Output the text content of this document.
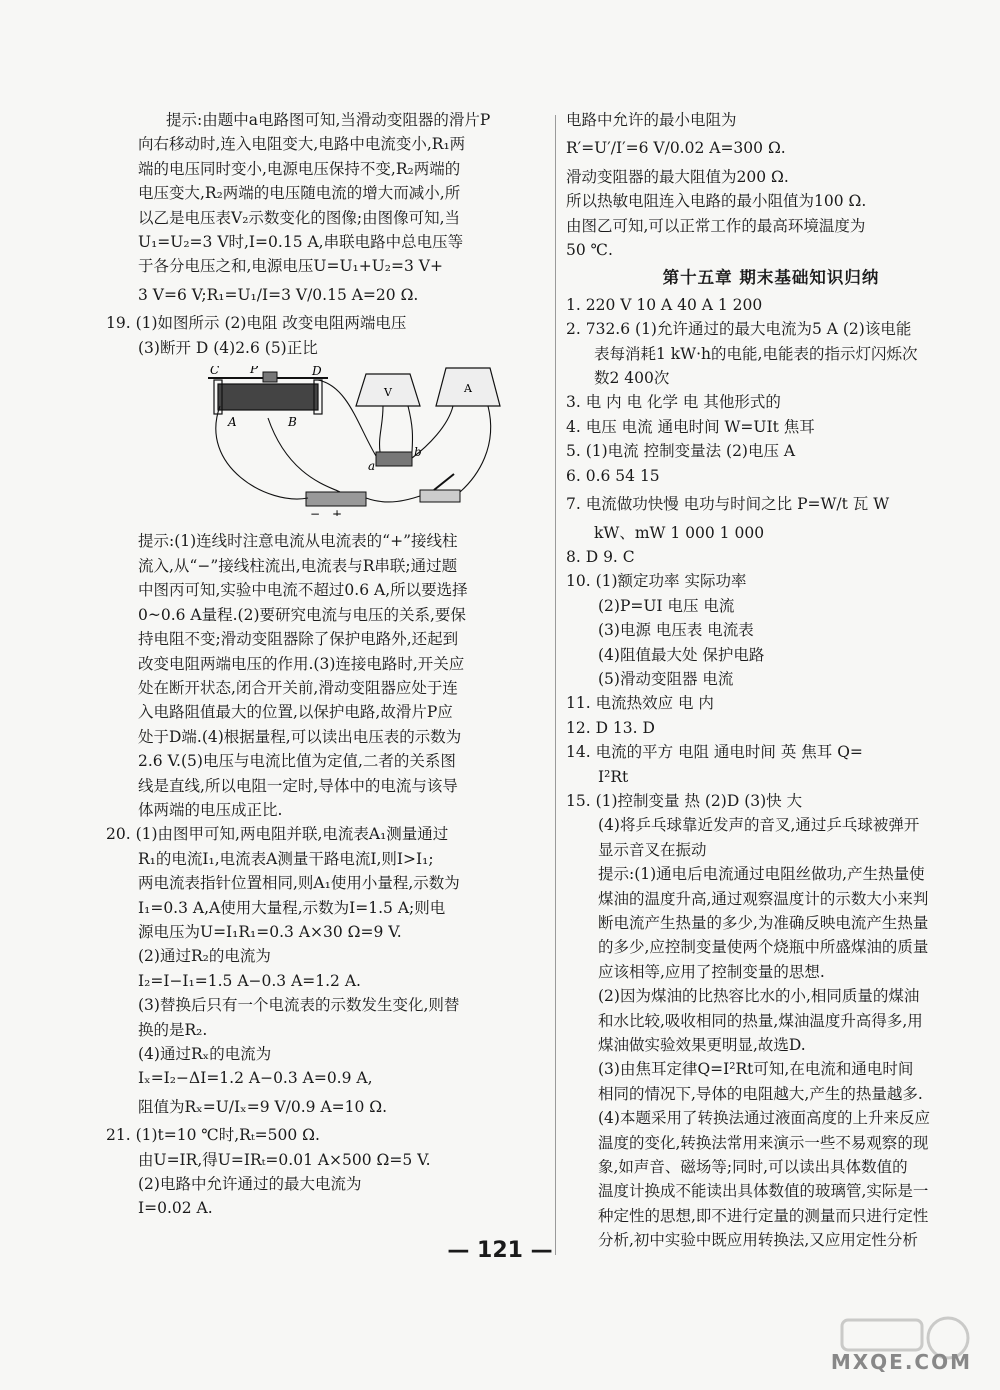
提示:由题中a电路图可知,当滑动变阻器的滑片P
向右移动时,连入电阻变大,电路中电流变小,R₁两
端的电压同时变小,电源电压保持不变,R₂两端的
电压变大,R₂两端的电压随电流的增大而减小,所
以乙是电压表V₂示数变化的图像;由图像可知,当
U₁=U₂=3 V时,I=0.15 A,串联电路中总电压等
于各分电压之和,电源电压U=U₁+U₂=3 V+
3 V=6 V;R₁=U₁/I=3 V/0.15 A=20 Ω.
19. (1)如图所示 (2)电阻 改变电阻两端电压
(3)断开 D (4)2.6 (5)正比
C	P	D
A	B
V	A
a
b
− +
提示:(1)连线时注意电流从电流表的“+”接线柱
流入,从“−”接线柱流出,电流表与R串联;通过题
中图丙可知,实验中电流不超过0.6 A,所以要选择
0~0.6 A量程.(2)要研究电流与电压的关系,要保
持电阻不变;滑动变阻器除了保护电路外,还起到
改变电阻两端电压的作用.(3)连接电路时,开关应
处在断开状态,闭合开关前,滑动变阻器应处于连
入电路阻值最大的位置,以保护电路,故滑片P应
处于D端.(4)根据量程,可以读出电压表的示数为
2.6 V.(5)电压与电流比值为定值,二者的关系图
线是直线,所以电阻一定时,导体中的电流与该导
体两端的电压成正比.
20. (1)由图甲可知,两电阻并联,电流表A₁测量通过
R₁的电流I₁,电流表A测量干路电流I,则I>I₁;
两电流表指针位置相同,则A₁使用小量程,示数为
I₁=0.3 A,A使用大量程,示数为I=1.5 A;则电
源电压为U=I₁R₁=0.3 A×30 Ω=9 V.
(2)通过R₂的电流为
I₂=I−I₁=1.5 A−0.3 A=1.2 A.
(3)替换后只有一个电流表的示数发生变化,则替
换的是R₂.
(4)通过Rₓ的电流为
Iₓ=I₂−ΔI=1.2 A−0.3 A=0.9 A,
阻值为Rₓ=U/Iₓ=9 V/0.9 A=10 Ω.
21. (1)t=10 ℃时,Rₜ=500 Ω.
由U=IR,得U=IRₜ=0.01 A×500 Ω=5 V.
(2)电路中允许通过的最大电流为
I=0.02 A.
电路中允许的最小电阻为
R′=U′/I′=6 V/0.02 A=300 Ω.
滑动变阻器的最大阻值为200 Ω.
所以热敏电阻连入电路的最小阻值为100 Ω.
由图乙可知,可以正常工作的最高环境温度为
50 ℃.
第十五章 期末基础知识归纳
1. 220 V 10 A 40 A 1 200
2. 732.6 (1)允许通过的最大电流为5 A (2)该电能
表每消耗1 kW·h的电能,电能表的指示灯闪烁次
数2 400次
3. 电 内 电 化学 电 其他形式的
4. 电压 电流 通电时间 W=UIt 焦耳
5. (1)电流 控制变量法 (2)电压 A
6. 0.6 54 15
7. 电流做功快慢 电功与时间之比 P=W/t 瓦 W
kW、mW 1 000 1 000
8. D 9. C
10. (1)额定功率 实际功率
(2)P=UI 电压 电流
(3)电源 电压表 电流表
(4)阻值最大处 保护电路
(5)滑动变阻器 电流
11. 电流热效应 电 内
12. D 13. D
14. 电流的平方 电阻 通电时间 英 焦耳 Q=
I²Rt
15. (1)控制变量 热 (2)D (3)快 大
(4)将乒乓球靠近发声的音叉,通过乒乓球被弹开
显示音叉在振动
提示:(1)通电后电流通过电阻丝做功,产生热量使
煤油的温度升高,通过观察温度计的示数大小来判
断电流产生热量的多少,为准确反映电流产生热量
的多少,应控制变量使两个烧瓶中所盛煤油的质量
应该相等,应用了控制变量的思想.
(2)因为煤油的比热容比水的小,相同质量的煤油
和水比较,吸收相同的热量,煤油温度升高得多,用
煤油做实验效果更明显,故选D.
(3)由焦耳定律Q=I²Rt可知,在电流和通电时间
相同的情况下,导体的电阻越大,产生的热量越多.
(4)本题采用了转换法通过液面高度的上升来反应
温度的变化,转换法常用来演示一些不易观察的现
象,如声音、磁场等;同时,可以读出具体数值的
温度计换成不能读出具体数值的玻璃管,实际是一
种定性的思想,即不进行定量的测量而只进行定性
分析,初中实验中既应用转换法,又应用定性分析
— 121 —
MXQE.COM
